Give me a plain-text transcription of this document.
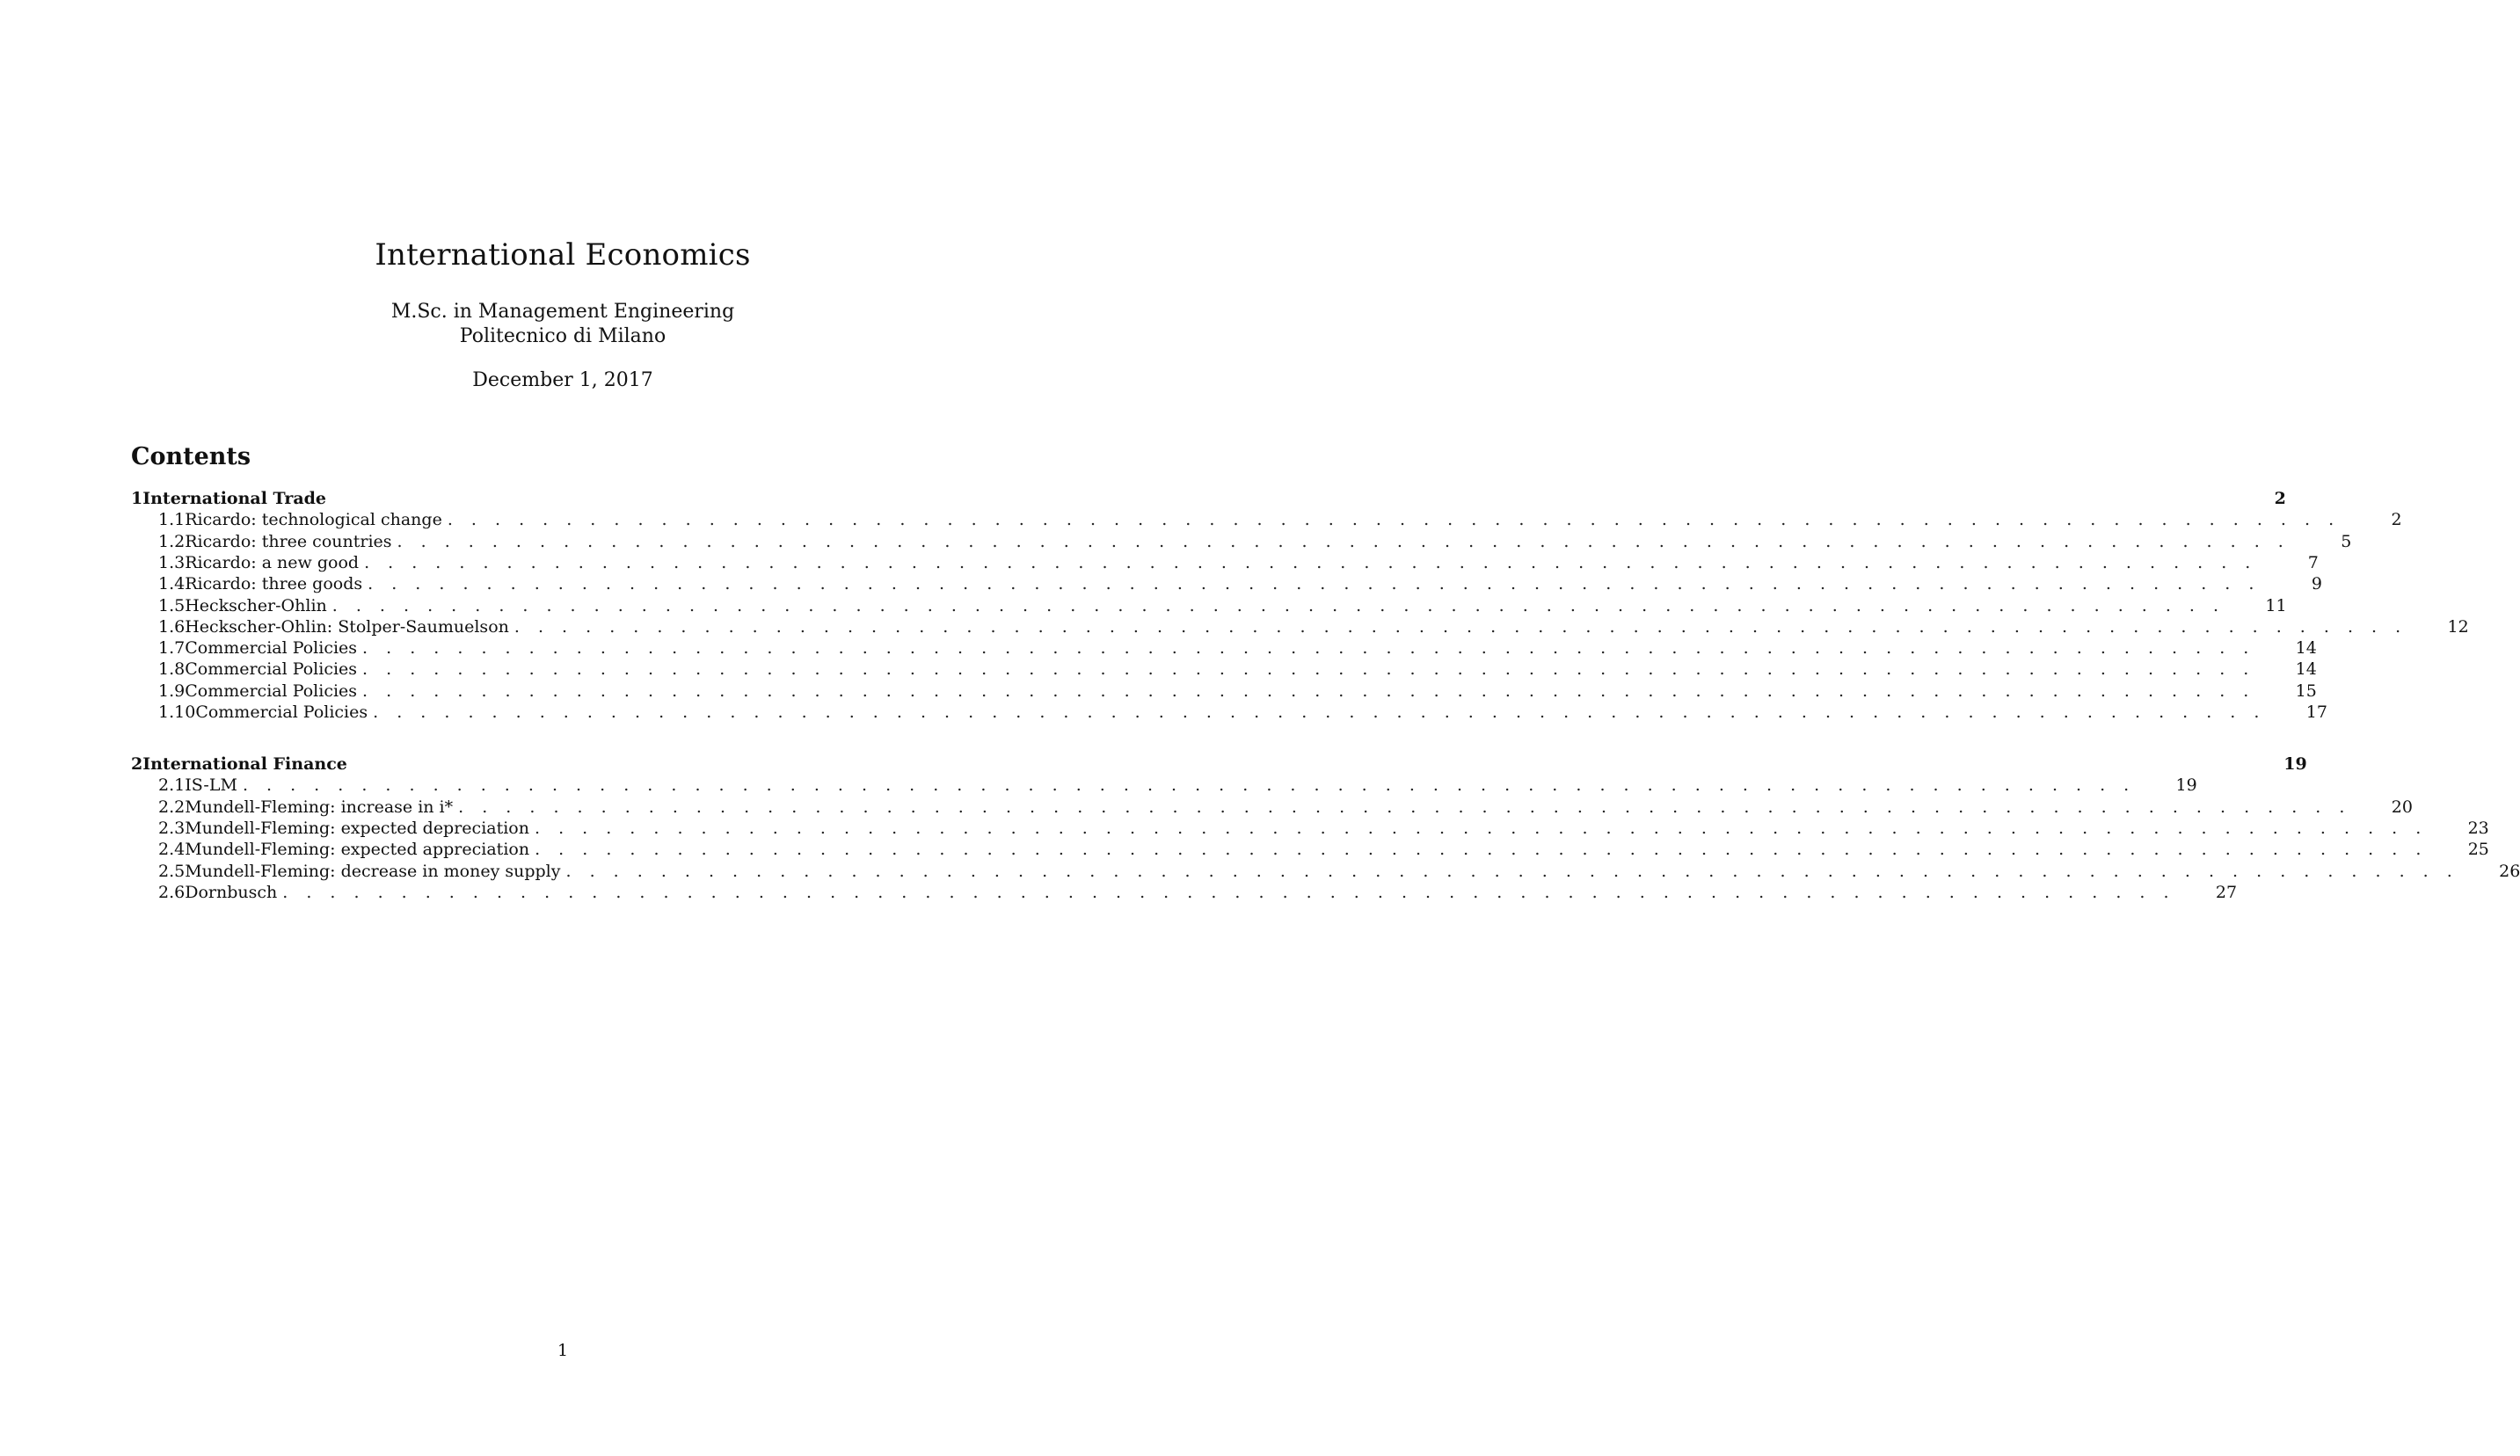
International Economics
M.Sc. in Management Engineering
Politecnico di Milano
December 1, 2017
Contents
1 International Trade	2
1.1 Ricardo: technological change . . . . . . . . . . . . . . . . . . . . . . . . . . . . . . . . . . . . . . . . . . . . . . . . . . . . . . . . . . . . . . . . . . . . . . . . . . . . . . . .	2
1.2 Ricardo: three countries . . . . . . . . . . . . . . . . . . . . . . . . . . . . . . . . . . . . . . . . . . . . . . . . . . . . . . . . . . . . . . . . . . . . . . . . . . . . . . . .	5
1.3 Ricardo: a new good . . . . . . . . . . . . . . . . . . . . . . . . . . . . . . . . . . . . . . . . . . . . . . . . . . . . . . . . . . . . . . . . . . . . . . . . . . . . . . . .	7
1.4 Ricardo: three goods . . . . . . . . . . . . . . . . . . . . . . . . . . . . . . . . . . . . . . . . . . . . . . . . . . . . . . . . . . . . . . . . . . . . . . . . . . . . . . . .	9
1.5 Heckscher-Ohlin . . . . . . . . . . . . . . . . . . . . . . . . . . . . . . . . . . . . . . . . . . . . . . . . . . . . . . . . . . . . . . . . . . . . . . . . . . . . . . . .	11
1.6 Heckscher-Ohlin: Stolper-Saumuelson . . . . . . . . . . . . . . . . . . . . . . . . . . . . . . . . . . . . . . . . . . . . . . . . . . . . . . . . . . . . . . . . . . . . . . . . . . . . . . . .	12
1.7 Commercial Policies . . . . . . . . . . . . . . . . . . . . . . . . . . . . . . . . . . . . . . . . . . . . . . . . . . . . . . . . . . . . . . . . . . . . . . . . . . . . . . . .	14
1.8 Commercial Policies . . . . . . . . . . . . . . . . . . . . . . . . . . . . . . . . . . . . . . . . . . . . . . . . . . . . . . . . . . . . . . . . . . . . . . . . . . . . . . . .	14
1.9 Commercial Policies . . . . . . . . . . . . . . . . . . . . . . . . . . . . . . . . . . . . . . . . . . . . . . . . . . . . . . . . . . . . . . . . . . . . . . . . . . . . . . . .	15
1.10 Commercial Policies . . . . . . . . . . . . . . . . . . . . . . . . . . . . . . . . . . . . . . . . . . . . . . . . . . . . . . . . . . . . . . . . . . . . . . . . . . . . . . . .	17
2 International Finance	19
2.1 IS-LM . . . . . . . . . . . . . . . . . . . . . . . . . . . . . . . . . . . . . . . . . . . . . . . . . . . . . . . . . . . . . . . . . . . . . . . . . . . . . . . .	19
2.2 Mundell-Fleming: increase in i* . . . . . . . . . . . . . . . . . . . . . . . . . . . . . . . . . . . . . . . . . . . . . . . . . . . . . . . . . . . . . . . . . . . . . . . . . . . . . . . .	20
2.3 Mundell-Fleming: expected depreciation . . . . . . . . . . . . . . . . . . . . . . . . . . . . . . . . . . . . . . . . . . . . . . . . . . . . . . . . . . . . . . . . . . . . . . . . . . . . . . . .	23
2.4 Mundell-Fleming: expected appreciation . . . . . . . . . . . . . . . . . . . . . . . . . . . . . . . . . . . . . . . . . . . . . . . . . . . . . . . . . . . . . . . . . . . . . . . . . . . . . . . .	25
2.5 Mundell-Fleming: decrease in money supply . . . . . . . . . . . . . . . . . . . . . . . . . . . . . . . . . . . . . . . . . . . . . . . . . . . . . . . . . . . . . . . . . . . . . . . . . . . . . . . .	26
2.6 Dornbusch . . . . . . . . . . . . . . . . . . . . . . . . . . . . . . . . . . . . . . . . . . . . . . . . . . . . . . . . . . . . . . . . . . . . . . . . . . . . . . . .	27
1
